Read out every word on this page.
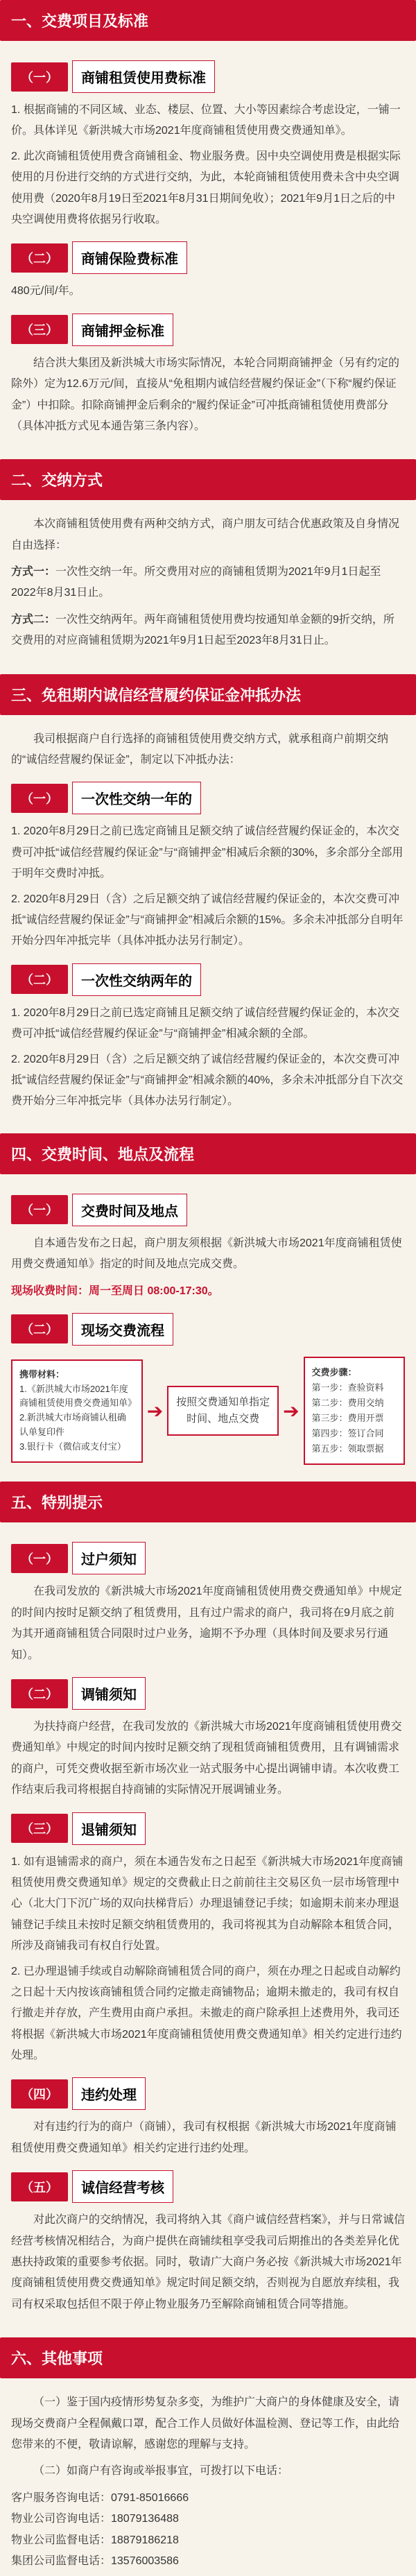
一、交费项目及标准
（一）	商铺租赁使用费标准
1. 根据商铺的不同区域、业态、楼层、位置、大小等因素综合考虑设定，一铺一价。具体详见《新洪城大市场2021年度商铺租赁使用费交费通知单》。
2. 此次商铺租赁使用费含商铺租金、物业服务费。因中央空调使用费是根据实际使用的月份进行交纳的方式进行交纳，为此，本轮商铺租赁使用费未含中央空调使用费（2020年8月19日至2021年8月31日期间免收）；2021年9月1日之后的中央空调使用费将依据另行收取。
（二）	商铺保险费标准
480元/间/年。
（三）	商铺押金标准
结合洪大集团及新洪城大市场实际情况，本轮合同期商铺押金（另有约定的除外）定为12.6万元/间，直接从“免租期内诚信经营履约保证金”（下称“履约保证金”）中扣除。扣除商铺押金后剩余的“履约保证金”可冲抵商铺租赁使用费部分（具体冲抵方式见本通告第三条内容）。
二、交纳方式
本次商铺租赁使用费有两种交纳方式，商户朋友可结合优惠政策及自身情况自由选择：
方式一：一次性交纳一年。所交费用对应的商铺租赁期为2021年9月1日起至2022年8月31日止。
方式二：一次性交纳两年。两年商铺租赁使用费均按通知单金额的9折交纳，所交费用的对应商铺租赁期为2021年9月1日起至2023年8月31日止。
三、免租期内诚信经营履约保证金冲抵办法
我司根据商户自行选择的商铺租赁使用费交纳方式，就承租商户前期交纳的“诚信经营履约保证金”，制定以下冲抵办法：
（一）	一次性交纳一年的
1. 2020年8月29日之前已选定商铺且足额交纳了诚信经营履约保证金的，本次交费可冲抵“诚信经营履约保证金”与“商铺押金”相减后余额的30%，多余部分全部用于明年交费时冲抵。
2. 2020年8月29日（含）之后足额交纳了诚信经营履约保证金的，本次交费可冲抵“诚信经营履约保证金”与“商铺押金”相减后余额的15%。多余未冲抵部分自明年开始分四年冲抵完毕（具体冲抵办法另行制定）。
（二）	一次性交纳两年的
1. 2020年8月29日之前已选定商铺且足额交纳了诚信经营履约保证金的，本次交费可冲抵“诚信经营履约保证金”与“商铺押金”相减余额的全部。
2. 2020年8月29日（含）之后足额交纳了诚信经营履约保证金的，本次交费可冲抵“诚信经营履约保证金”与“商铺押金”相减余额的40%，多余未冲抵部分自下次交费开始分三年冲抵完毕（具体办法另行制定）。
四、交费时间、地点及流程
（一）	交费时间及地点
自本通告发布之日起，商户朋友须根据《新洪城大市场2021年度商铺租赁使用费交费通知单》指定的时间及地点完成交费。
现场收费时间：周一至周日 08:00-17:30。
（二）	现场交费流程
携带材料：
1.《新洪城大市场2021年度商铺租赁使用费交费通知单》
2.新洪城大市场商铺认租确认单复印件
3.银行卡（微信或支付宝）
➔	按照交费通知单指定时间、地点交费	➔
交费步骤：
第一步：查验资料
第二步：费用交纳
第三步：费用开票
第四步：签订合同
第五步：领取票据
五、特别提示
（一）	过户须知
在我司发放的《新洪城大市场2021年度商铺租赁使用费交费通知单》中规定的时间内按时足额交纳了租赁费用，且有过户需求的商户，我司将在9月底之前为其开通商铺租赁合同限时过户业务，逾期不予办理（具体时间及要求另行通知）。
（二）	调铺须知
为扶持商户经营，在我司发放的《新洪城大市场2021年度商铺租赁使用费交费通知单》中规定的时间内按时足额交纳了现租赁商铺租赁费用，且有调铺需求的商户，可凭交费收据至新市场次业一站式服务中心提出调铺申请。本次收费工作结束后我司将根据自持商铺的实际情况开展调铺业务。
（三）	退铺须知
1. 如有退铺需求的商户，须在本通告发布之日起至《新洪城大市场2021年度商铺租赁使用费交费通知单》规定的交费截止日之前前往主交易区负一层市场管理中心（北大门下沉广场的双向扶梯背后）办理退铺登记手续；如逾期未前来办理退铺登记手续且未按时足额交纳租赁费用的，我司将视其为自动解除本租赁合同，所涉及商铺我司有权自行处置。
2. 已办理退铺手续或自动解除商铺租赁合同的商户，须在办理之日起或自动解约之日起十天内按该商铺租赁合同约定撤走商铺物品；逾期未撤走的，我司有权自行撤走并存放，产生费用由商户承担。未撤走的商户除承担上述费用外，我司还将根据《新洪城大市场2021年度商铺租赁使用费交费通知单》相关约定进行违约处理。
（四）	违约处理
对有违约行为的商户（商铺），我司有权根据《新洪城大市场2021年度商铺租赁使用费交费通知单》相关约定进行违约处理。
（五）	诚信经营考核
对此次商户的交纳情况，我司将纳入其《商户诚信经营档案》，并与日常诚信经营考核情况相结合，为商户提供在商铺续租享受我司后期推出的各类差异化优惠扶持政策的重要参考依据。同时，敬请广大商户务必按《新洪城大市场2021年度商铺租赁使用费交费通知单》规定时间足额交纳，否则视为自愿放弃续租，我司有权采取包括但不限于停止物业服务乃至解除商铺租赁合同等措施。
六、其他事项
（一）鉴于国内疫情形势复杂多变，为维护广大商户的身体健康及安全，请现场交费商户全程佩戴口罩，配合工作人员做好体温检测、登记等工作，由此给您带来的不便，敬请谅解，感谢您的理解与支持。
（二）如商户有咨询或举报事宜，可拨打以下电话：
客户服务咨询电话：0791-85016666
物业公司咨询电话：18079136488
物业公司监督电话：18879186218
集团公司监督电话：13576003586
